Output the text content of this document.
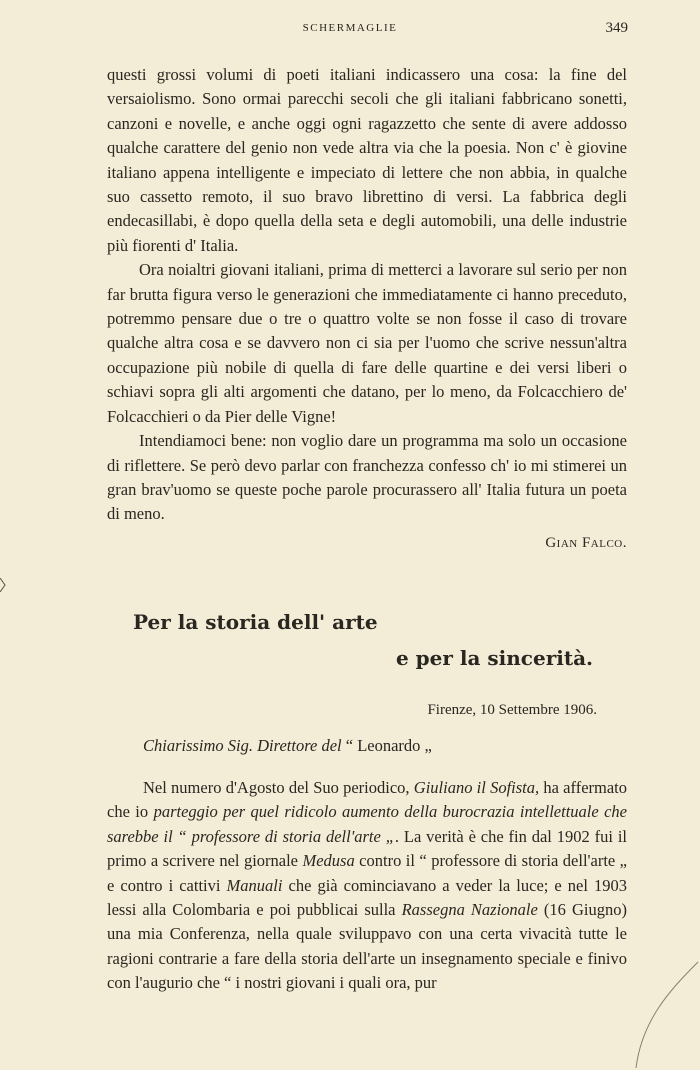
SCHERMAGLIE	349

questi grossi volumi di poeti italiani indicassero una cosa: la fine del versaiolismo. Sono ormai parecchi secoli che gli italiani fabbricano sonetti, canzoni e novelle, e anche oggi ogni ragazzetto che sente di avere addosso qualche carattere del genio non vede altra via che la poesia. Non c' è giovine italiano appena intelligente e impeciato di lettere che non abbia, in qualche suo cassetto remoto, il suo bravo librettino di versi. La fabbrica degli endecasillabi, è dopo quella della seta e degli automobili, una delle industrie più fiorenti d' Italia.

Ora noialtri giovani italiani, prima di metterci a lavorare sul serio per non far brutta figura verso le generazioni che immediatamente ci hanno preceduto, potremmo pensare due o tre o quattro volte se non fosse il caso di trovare qualche altra cosa e se davvero non ci sia per l'uomo che scrive nessun'altra occupazione più nobile di quella di fare delle quartine e dei versi liberi o schiavi sopra gli alti argomenti che datano, per lo meno, da Folcacchiero de' Folcacchieri o da Pier delle Vigne!

Intendiamoci bene: non voglio dare un programma ma solo un occasione di riflettere. Se però devo parlar con franchezza confesso ch' io mi stimerei un gran brav'uomo se queste poche parole procurassero all' Italia futura un poeta di meno.

Gian Falco.
Per la storia dell' arte
e per la sincerità.
Firenze, 10 Settembre 1906.
Chiarissimo Sig. Direttore del “ Leonardo „

Nel numero d'Agosto del Suo periodico, Giuliano il Sofista, ha affermato che io parteggio per quel ridicolo aumento della burocrazia intellettuale che sarebbe il “ professore di storia dell'arte „. La verità è che fin dal 1902 fui il primo a scrivere nel giornale Medusa contro il “ professore di storia dell'arte „ e contro i cattivi Manuali che già cominciavano a veder la luce; e nel 1903 lessi alla Colombaria e poi pubblicai sulla Rassegna Nazionale (16 Giugno) una mia Conferenza, nella quale sviluppavo con una certa vivacità tutte le ragioni contrarie a fare della storia dell'arte un insegnamento speciale e finivo con l'augurio che “ i nostri giovani i quali ora, pur
